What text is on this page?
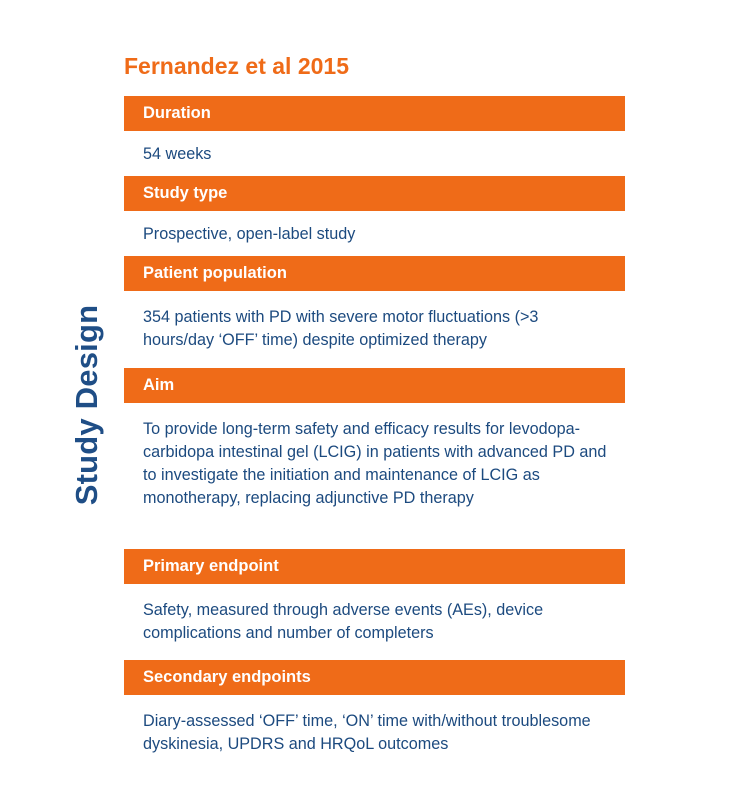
Study Design
Fernandez et al 2015
Duration
54 weeks
Study type
Prospective, open-label study
Patient population
354 patients with PD with severe motor fluctuations (>3 hours/day ‘OFF’ time) despite optimized therapy
Aim
To provide long-term safety and efficacy results for levodopa-carbidopa intestinal gel (LCIG) in patients with advanced PD and to investigate the initiation and maintenance of LCIG as monotherapy, replacing adjunctive PD therapy
Primary endpoint
Safety, measured through adverse events (AEs), device complications and number of completers
Secondary endpoints
Diary-assessed ‘OFF’ time, ‘ON’ time with/without troublesome dyskinesia, UPDRS and HRQoL outcomes
